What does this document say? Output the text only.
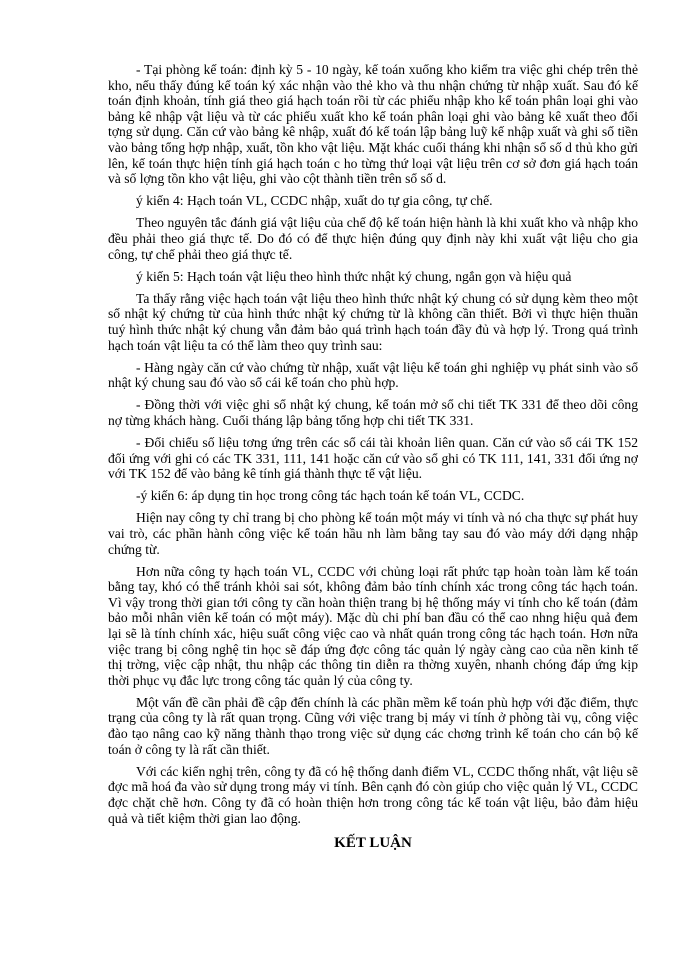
- Tại phòng kế toán: định kỳ 5 - 10 ngày, kế toán xuống kho kiểm tra việc ghi chép trên thẻ kho, nếu thấy đúng kế toán ký xác nhận vào thẻ kho và thu nhận chứng từ nhập xuất. Sau đó kế toán định khoản, tính giá theo giá hạch toán rồi từ các phiếu nhập kho kế toán phân loại ghi vào bảng kê nhập vật liệu và từ các phiếu xuất kho kế toán phân loại ghi vào bảng kê xuất theo đối tợng sử dụng. Căn cứ vào bảng kê nhập, xuất đó kế toán lập bảng luỹ kế nhập xuất và ghi số tiền vào bảng tổng hợp nhập, xuất, tồn kho vật liệu. Mặt khác cuối tháng khi nhận sổ số d thủ kho gửi lên, kế toán thực hiện tính giá hạch toán c ho từng thứ loại vật liệu trên cơ sở đơn giá hạch toán và số lợng tồn kho vật liệu, ghi vào cột thành tiền trên sổ số d.

ý kiến 4: Hạch toán VL, CCDC nhập, xuất do tự gia công, tự chế.

Theo nguyên tắc đánh giá vật liệu của chế độ kế toán hiện hành là khi xuất kho và nhập kho đều phải theo giá thực tế. Do đó có để thực hiện đúng quy định này khi xuất vật liệu cho gia công, tự chế phải theo giá thực tế.

ý kiến 5: Hạch toán vật liệu theo hình thức nhật ký chung, ngắn gọn và hiệu quả

Ta thấy rằng việc hạch toán vật liệu theo hình thức nhật ký chung có sử dụng kèm theo một số nhật ký chứng từ của hình thức nhật ký chứng từ là không cần thiết. Bởi vì thực hiện thuần tuý hình thức nhật ký chung vẫn đảm bảo quá trình hạch toán đầy đủ và hợp lý. Trong quá trình hạch toán vật liệu ta có thể làm theo quy trình sau:

- Hàng ngày căn cứ vào chứng từ nhập, xuất vật liệu kế toán ghi nghiệp vụ phát sinh vào sổ nhật ký chung sau đó vào sổ cái kế toán cho phù hợp.

- Đồng thời với việc ghi sổ nhật ký chung, kế toán mở sổ chi tiết TK 331 để theo dõi công nợ từng khách hàng. Cuối tháng lập bảng tổng hợp chi tiết TK 331.

- Đối chiếu số liệu tơng ứng trên các sổ cái tài khoản liên quan. Căn cứ vào sổ cái TK 152 đối ứng với ghi có các TK 331, 111, 141 hoặc căn cứ vào sổ ghi có TK 111, 141, 331 đối ứng nợ với TK 152 để vào bảng kê tính giá thành thực tế vật liệu.

-ý kiến 6: áp dụng tin học trong công tác hạch toán kế toán VL, CCDC.

Hiện nay công ty chỉ trang bị cho phòng kế toán một máy vi tính và nó cha thực sự phát huy vai trò, các phần hành công việc kế toán hầu nh làm bằng tay sau đó vào máy dới dạng nhập chứng từ.

Hơn nữa công ty hạch toán VL, CCDC với chủng loại rất phức tạp hoàn toàn làm kế toán bằng tay, khó có thể tránh khỏi sai sót, không đảm bảo tính chính xác trong công tác hạch toán. Vì vậy trong thời gian tới công ty cần hoàn thiện trang bị hệ thống máy vi tính cho kế toán (đảm bảo mỗi nhân viên kế toán có một máy). Mặc dù chi phí ban đầu có thể cao nhng hiệu quả đem lại sẽ là tính chính xác, hiệu suất công việc cao và nhất quán trong công tác hạch toán. Hơn nữa việc trang bị công nghệ tin học sẽ đáp ứng đợc công tác quản lý ngày càng cao của nền kinh tế thị trờng, việc cập nhật, thu nhập các thông tin diễn ra thờng xuyên, nhanh chóng đáp ứng kịp thời phục vụ đắc lực trong công tác quản lý của công ty.

Một vấn đề cần phải đề cập đến chính là các phần mềm kế toán phù hợp với đặc điểm, thực trạng của công ty là rất quan trọng. Cũng với việc trang bị máy vi tính ở phòng tài vụ, công việc đào tạo nâng cao kỹ năng thành thạo trong việc sử dụng các chơng trình kế toán cho cán bộ kế toán ở công ty là rất cần thiết.

Với các kiến nghị trên, công ty đã có hệ thống danh điểm VL, CCDC thống nhất, vật liệu sẽ đợc mã hoá đa vào sử dụng trong máy vi tính. Bên cạnh đó còn giúp cho việc quản lý VL, CCDC đợc chặt chẽ hơn. Công ty đã có hoàn thiện hơn trong công tác kế toán vật liệu, bảo đảm hiệu quả và tiết kiệm thời gian lao động.

KẾT LUẬN
